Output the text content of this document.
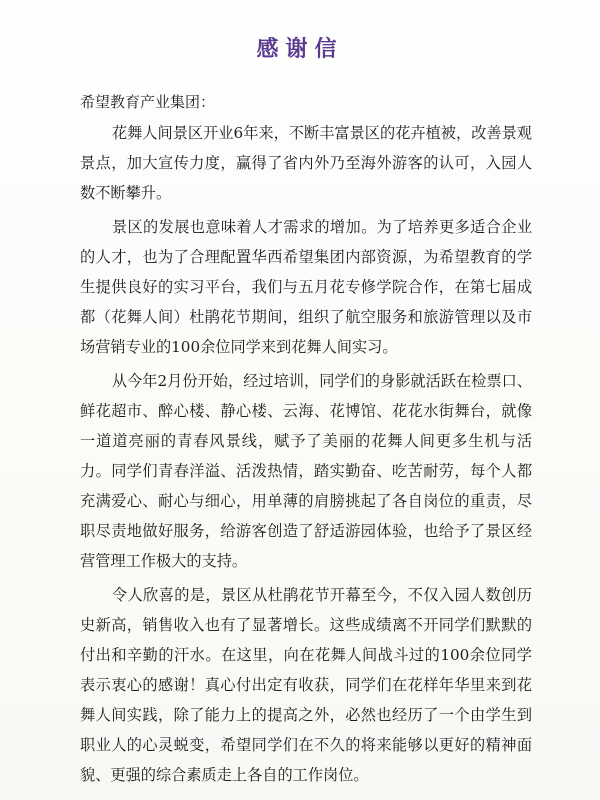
感谢信

希望教育产业集团：

花舞人间景区开业6年来，不断丰富景区的花卉植被，改善景观景点，加大宣传力度，赢得了省内外乃至海外游客的认可，入园人数不断攀升。

景区的发展也意味着人才需求的增加。为了培养更多适合企业的人才，也为了合理配置华西希望集团内部资源，为希望教育的学生提供良好的实习平台，我们与五月花专修学院合作，在第七届成都（花舞人间）杜鹃花节期间，组织了航空服务和旅游管理以及市场营销专业的100余位同学来到花舞人间实习。

从今年2月份开始，经过培训，同学们的身影就活跃在检票口、鲜花超市、醉心楼、静心楼、云海、花博馆、花花水街舞台，就像一道道亮丽的青春风景线，赋予了美丽的花舞人间更多生机与活力。同学们青春洋溢、活泼热情，踏实勤奋、吃苦耐劳，每个人都充满爱心、耐心与细心，用单薄的肩膀挑起了各自岗位的重责，尽职尽责地做好服务，给游客创造了舒适游园体验，也给予了景区经营管理工作极大的支持。

令人欣喜的是，景区从杜鹃花节开幕至今，不仅入园人数创历史新高，销售收入也有了显著增长。这些成绩离不开同学们默默的付出和辛勤的汗水。在这里，向在花舞人间战斗过的100余位同学表示衷心的感谢！真心付出定有收获，同学们在花样年华里来到花舞人间实践，除了能力上的提高之外，必然也经历了一个由学生到职业人的心灵蜕变，希望同学们在不久的将来能够以更好的精神面貌、更强的综合素质走上各自的工作岗位。
